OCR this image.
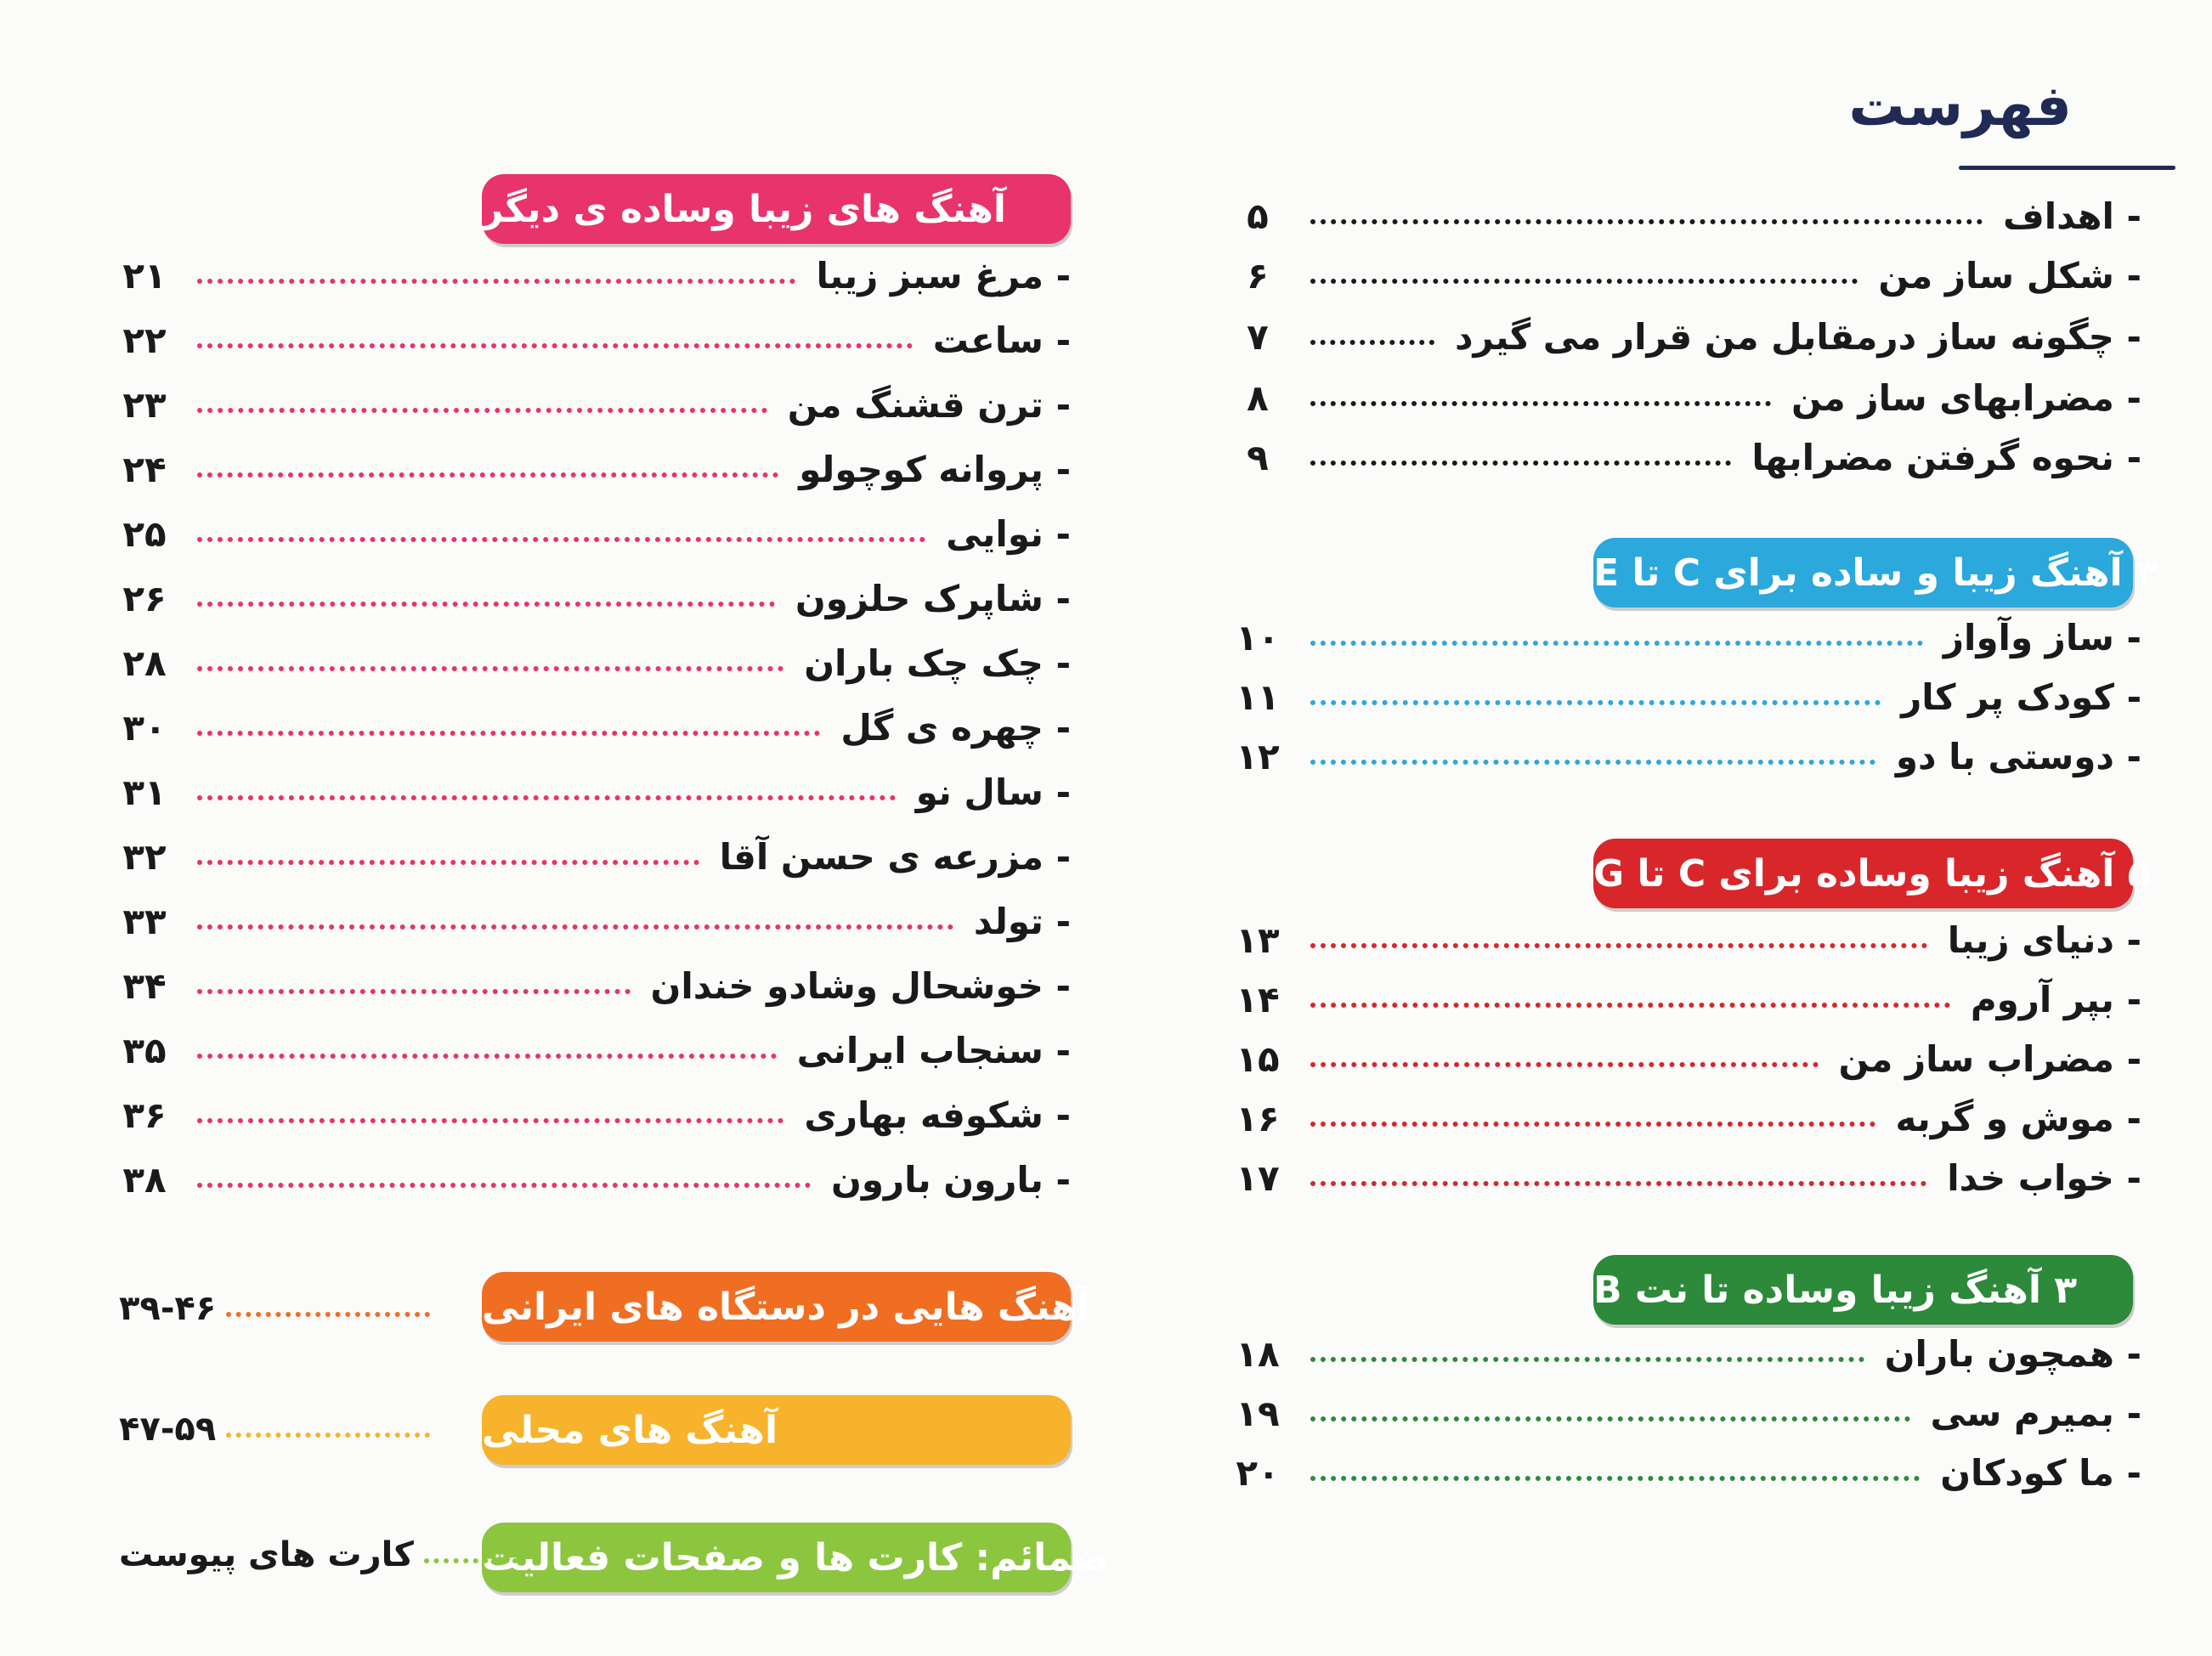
فهرست
- اهداف
۵
- شکل ساز من
۶
- چگونه ساز درمقابل من قرار می گیرد
۷
- مضرابهای ساز من
۸
- نحوه گرفتن مضرابها
۹
۳ آهنگ زیبا و ساده برای C تا E
- ساز وآواز
۱۰
- کودک پر کار
۱۱
- دوستی با دو
۱۲
۵ آهنگ زیبا وساده برای C تا G
- دنیای زیبا
۱۳
- بپر آروم
۱۴
- مضراب ساز من
۱۵
- موش و گربه
۱۶
- خواب خدا
۱۷
۳ آهنگ زیبا وساده تا نت B
- همچون باران
۱۸
- بمیرم سی
۱۹
- ما کودکان
۲۰
آهنگ های زیبا وساده ی دیگر
- مرغ سبز زیبا
۲۱
- ساعت
۲۲
- ترن قشنگ من
۲۳
- پروانه کوچولو
۲۴
- نوایی
۲۵
- شاپرک حلزون
۲۶
- چک چک باران
۲۸
- چهره ی گل
۳۰
- سال نو
۳۱
- مزرعه ی حسن آقا
۳۲
- تولد
۳۳
- خوشحال وشادو خندان
۳۴
- سنجاب ایرانی
۳۵
- شکوفه بهاری
۳۶
- بارون بارون
۳۸
آهنگ هایی در دستگاه های ایرانی
۳۹-۴۶
آهنگ های محلی
۴۷-۵۹
ضمائم: کارت ها و صفحات فعالیت
کارت های پیوست
